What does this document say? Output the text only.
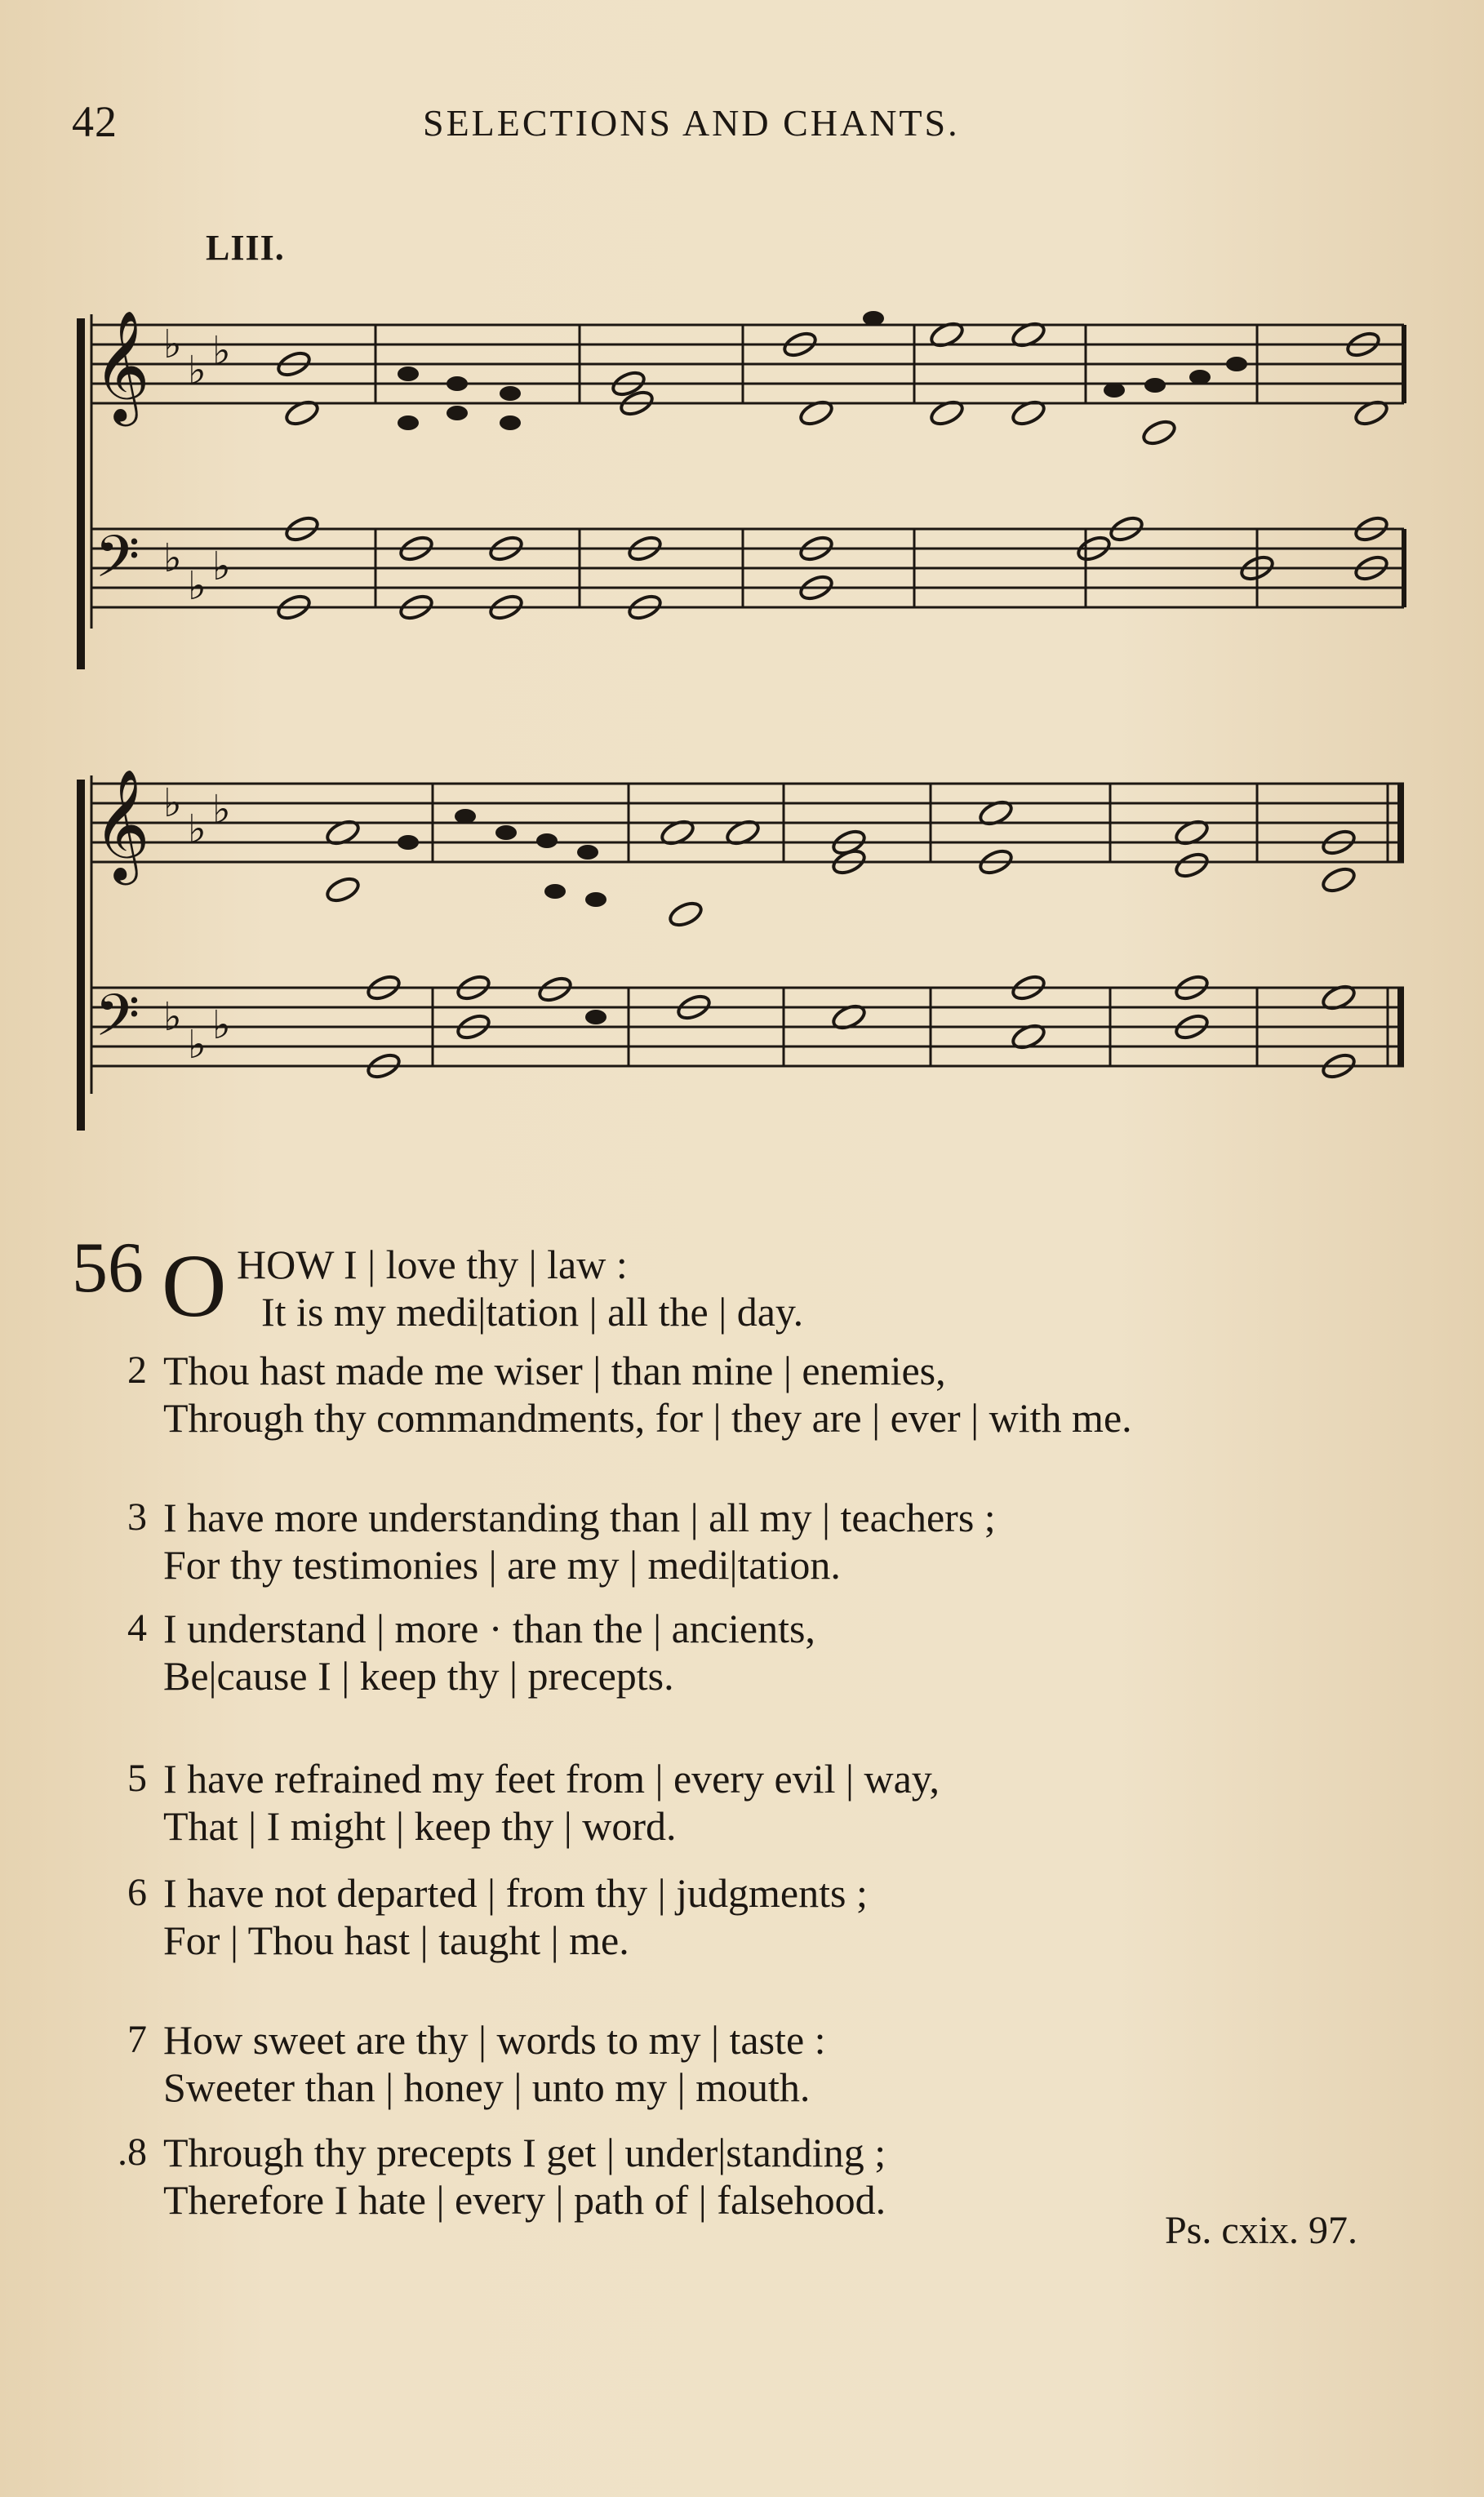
42	SELECTIONS AND CHANTS.
LIII.
𝄞
𝄢
𝄞
𝄢
♭
♭ ♭
♭
♭ ♭
♭
♭ ♭
♭
♭ ♭
56 O HOW I | love thy | law :
It is my medi|tation | all the | day.
2 Thou hast made me wiser | than mine | enemies,
Through thy commandments, for | they are | ever | with me.
3 I have more understanding than | all my | teachers ;
For thy testimonies | are my | medi|tation.
4 I understand | more · than the | ancients,
Be|cause I | keep thy | precepts.
5 I have refrained my feet from | every evil | way,
That | I might | keep thy | word.
6 I have not departed | from thy | judgments ;
For | Thou hast | taught | me.
7 How sweet are thy | words to my | taste :
Sweeter than | honey | unto my | mouth.
.8 Through thy precepts I get | under|standing ;
Therefore I hate | every | path of | falsehood.
Ps. cxix. 97.
